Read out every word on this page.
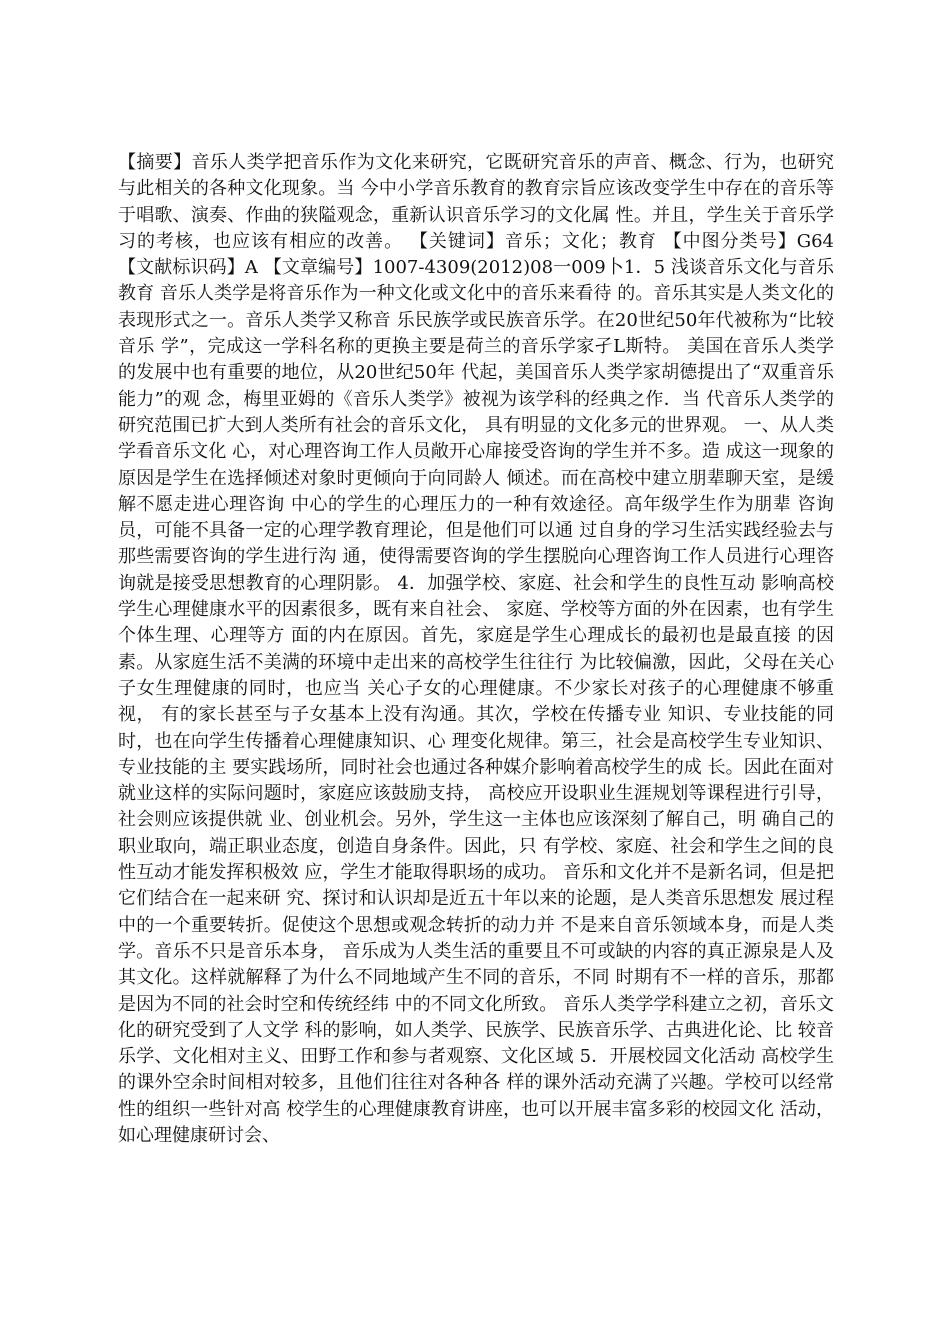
【摘要】音乐人类学把音乐作为文化来研究，它既研究音乐的声音、概念、行为，也研究与此相关的各种文化现象。当 今中小学音乐教育的教育宗旨应该改变学生中存在的音乐等于唱歌、演奏、作曲的狭隘观念，重新认识音乐学习的文化属 性。并且，学生关于音乐学习的考核，也应该有相应的改善。 【关键词】音乐；文化；教育 【中图分类号】G64 【文献标识码】A 【文章编号】1007-4309(2012)08一009卜1．5 浅谈音乐文化与音乐教育 音乐人类学是将音乐作为一种文化或文化中的音乐来看待 的。音乐其实是人类文化的表现形式之一。音乐人类学又称音 乐民族学或民族音乐学。在20世纪50年代被称为“比较音乐 学”，完成这一学科名称的更换主要是荷兰的音乐学家孑L斯特。 美国在音乐人类学的发展中也有重要的地位，从20世纪50年 代起，美国音乐人类学家胡德提出了“双重音乐能力”的观 念，梅里亚姆的《音乐人类学》被视为该学科的经典之作．当 代音乐人类学的研究范围已扩大到人类所有社会的音乐文化， 具有明显的文化多元的世界观。 一、从人类学看音乐文化 心，对心理咨询工作人员敞开心扉接受咨询的学生并不多。造 成这一现象的原因是学生在选择倾述对象时更倾向于向同龄人 倾述。而在高校中建立朋辈聊天室，是缓解不愿走进心理咨询 中心的学生的心理压力的一种有效途径。高年级学生作为朋辈 咨询员，可能不具备一定的心理学教育理论，但是他们可以通 过自身的学习生活实践经验去与那些需要咨询的学生进行沟 通，使得需要咨询的学生摆脱向心理咨询工作人员进行心理咨 询就是接受思想教育的心理阴影。 4．加强学校、家庭、社会和学生的良性互动 影响高校学生心理健康水平的因素很多，既有来自社会、 家庭、学校等方面的外在因素，也有学生个体生理、心理等方 面的内在原因。首先，家庭是学生心理成长的最初也是最直接 的因素。从家庭生活不美满的环境中走出来的高校学生往往行 为比较偏激，因此，父母在关心子女生理健康的同时，也应当 关心子女的心理健康。不少家长对孩子的心理健康不够重视， 有的家长甚至与子女基本上没有沟通。其次，学校在传播专业 知识、专业技能的同时，也在向学生传播着心理健康知识、心 理变化规律。第三，社会是高校学生专业知识、专业技能的主 要实践场所，同时社会也通过各种媒介影响着高校学生的成 长。因此在面对就业这样的实际问题时，家庭应该鼓励支持， 高校应开设职业生涯规划等课程进行引导，社会则应该提供就 业、创业机会。另外，学生这一主体也应该深刻了解自己，明 确自己的职业取向，端正职业态度，创造自身条件。因此，只 有学校、家庭、社会和学生之间的良性互动才能发挥积极效 应，学生才能取得职场的成功。 音乐和文化并不是新名词，但是把它们结合在一起来研 究、探讨和认识却是近五十年以来的论题，是人类音乐思想发 展过程中的一个重要转折。促使这个思想或观念转折的动力并 不是来自音乐领域本身，而是人类学。音乐不只是音乐本身， 音乐成为人类生活的重要且不可或缺的内容的真正源泉是人及 其文化。这样就解释了为什么不同地域产生不同的音乐，不同 时期有不一样的音乐，那都是因为不同的社会时空和传统经纬 中的不同文化所致。 音乐人类学学科建立之初，音乐文化的研究受到了人文学 科的影响，如人类学、民族学、民族音乐学、古典进化论、比 较音乐学、文化相对主义、田野工作和参与者观察、文化区域 5．开展校园文化活动 高校学生的课外空余时间相对较多，且他们往往对各种各 样的课外活动充满了兴趣。学校可以经常性的组织一些针对高 校学生的心理健康教育讲座，也可以开展丰富多彩的校园文化 活动，如心理健康研讨会、
